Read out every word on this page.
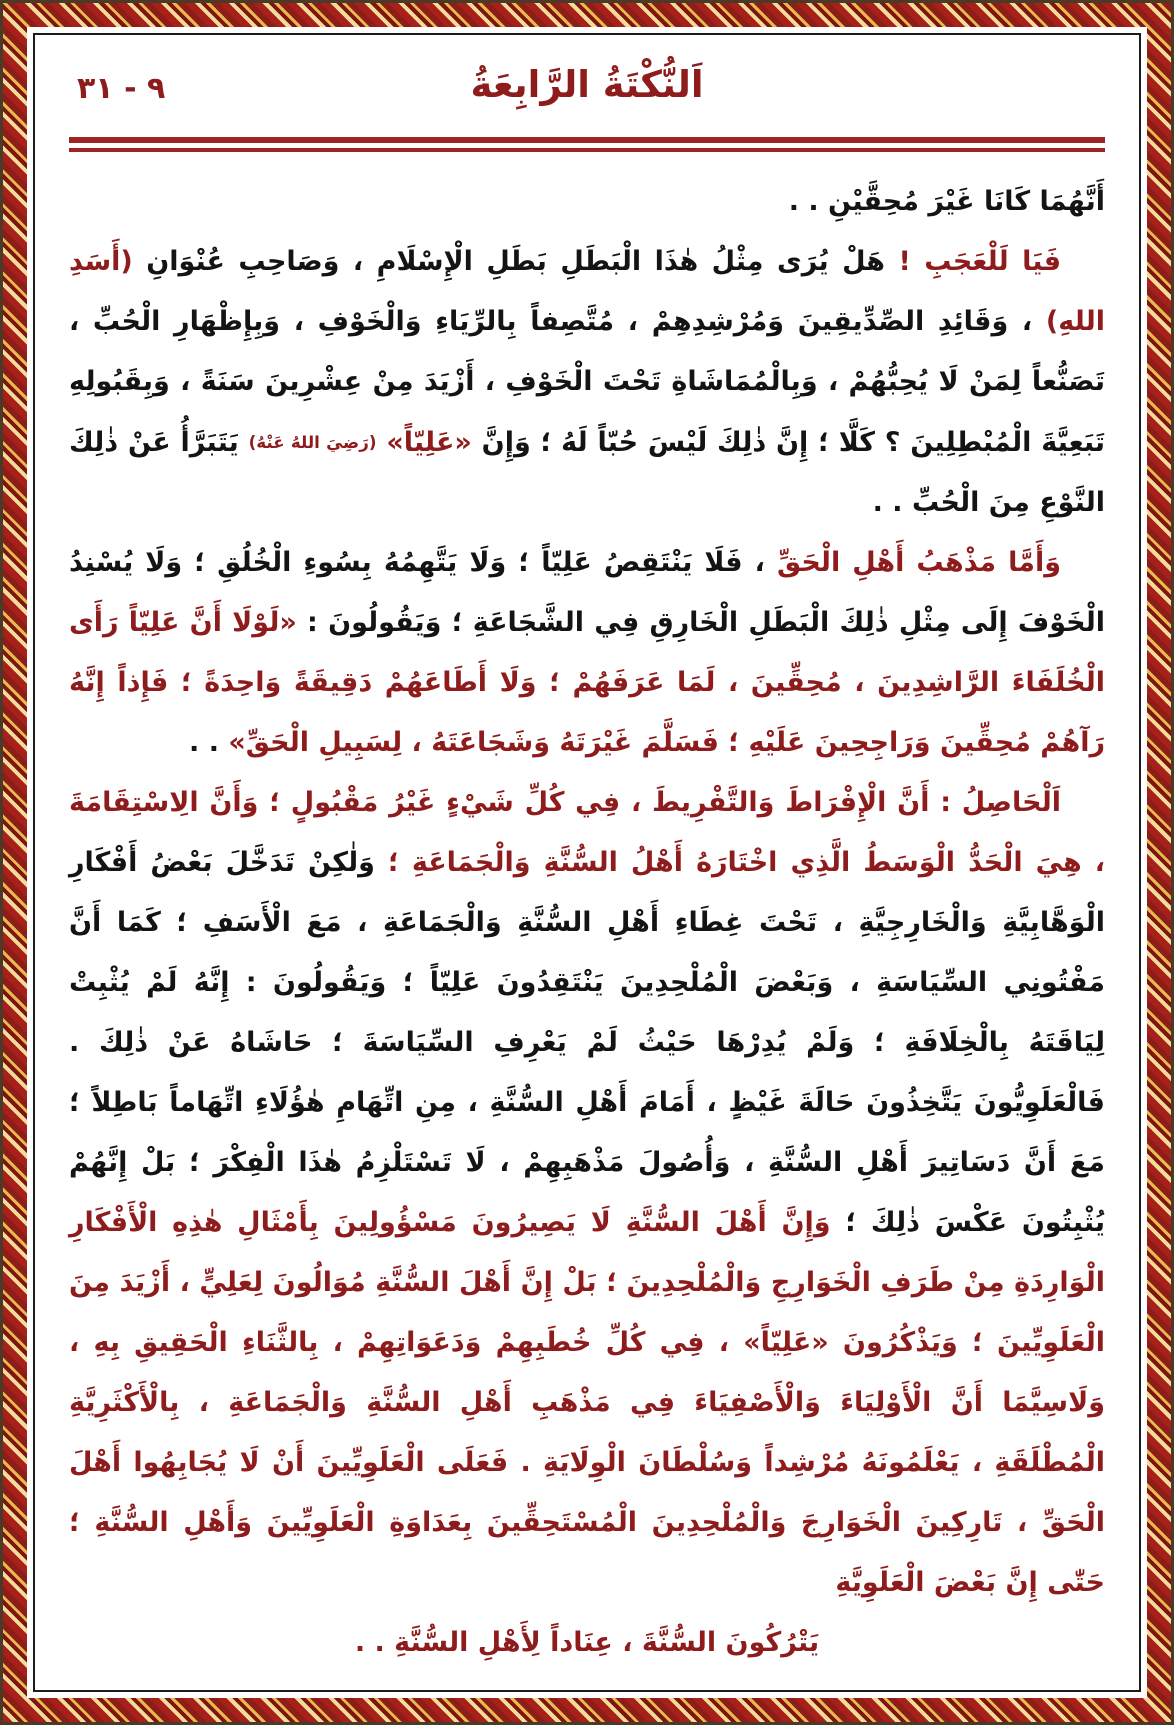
٩ - ٣١	اَلنُّكْتَةُ الرَّابِعَةُ
أَنَّهُمَا كَانَا غَيْرَ مُحِقَّيْنِ . .
فَيَا لَلْعَجَبِ ! هَلْ يُرَى مِثْلُ هٰذَا الْبَطَلِ بَطَلِ الْإِسْلَامِ ، وَصَاحِبِ عُنْوَانِ (أَسَدِ اللهِ) ، وَقَائِدِ الصِّدِّيقِينَ وَمُرْشِدِهِمْ ، مُتَّصِفاً بِالرِّيَاءِ وَالْخَوْفِ ، وَبِإِظْهَارِ الْحُبِّ ، تَصَنُّعاً لِمَنْ لَا يُحِبُّهُمْ ، وَبِالْمُمَاشَاةِ تَحْتَ الْخَوْفِ ، أَزْيَدَ مِنْ عِشْرِينَ سَنَةً ، وَبِقَبُولِهِ تَبَعِيَّةَ الْمُبْطِلِينَ ؟ كَلَّا ؛ إِنَّ ذٰلِكَ لَيْسَ حُبّاً لَهُ ؛ وَإِنَّ «عَلِيّاً» (رَضِيَ اللهُ عَنْهُ) يَتَبَرَّأُ عَنْ ذٰلِكَ النَّوْعِ مِنَ الْحُبِّ . .
وَأَمَّا مَذْهَبُ أَهْلِ الْحَقِّ ، فَلَا يَنْتَقِصُ عَلِيّاً ؛ وَلَا يَتَّهِمُهُ بِسُوءِ الْخُلُقِ ؛ وَلَا يُسْنِدُ الْخَوْفَ إِلَى مِثْلِ ذٰلِكَ الْبَطَلِ الْخَارِقِ فِي الشَّجَاعَةِ ؛ وَيَقُولُونَ : «لَوْلَا أَنَّ عَلِيّاً رَأَى الْخُلَفَاءَ الرَّاشِدِينَ ، مُحِقِّينَ ، لَمَا عَرَفَهُمْ ؛ وَلَا أَطَاعَهُمْ دَقِيقَةً وَاحِدَةً ؛ فَإِذاً إِنَّهُ رَآهُمْ مُحِقِّينَ وَرَاجِحِينَ عَلَيْهِ ؛ فَسَلَّمَ غَيْرَتَهُ وَشَجَاعَتَهُ ، لِسَبِيلِ الْحَقِّ» . .
اَلْحَاصِلُ : أَنَّ الْإِفْرَاطَ وَالتَّفْرِيطَ ، فِي كُلِّ شَيْءٍ غَيْرُ مَقْبُولٍ ؛ وَأَنَّ الِاسْتِقَامَةَ ، هِيَ الْحَدُّ الْوَسَطُ الَّذِي اخْتَارَهُ أَهْلُ السُّنَّةِ وَالْجَمَاعَةِ ؛ وَلٰكِنْ تَدَخَّلَ بَعْضُ أَفْكَارِ الْوَهَّابِيَّةِ وَالْخَارِجِيَّةِ ، تَحْتَ غِطَاءِ أَهْلِ السُّنَّةِ وَالْجَمَاعَةِ ، مَعَ الْأَسَفِ ؛ كَمَا أَنَّ مَفْتُونِي السِّيَاسَةِ ، وَبَعْضَ الْمُلْحِدِينَ يَنْتَقِدُونَ عَلِيّاً ؛ وَيَقُولُونَ : إِنَّهُ لَمْ يُثْبِتْ لِيَاقَتَهُ بِالْخِلَافَةِ ؛ وَلَمْ يُدِرْهَا حَيْثُ لَمْ يَعْرِفِ السِّيَاسَةَ ؛ حَاشَاهُ عَنْ ذٰلِكَ . فَالْعَلَوِيُّونَ يَتَّخِذُونَ حَالَةَ غَيْظٍ ، أَمَامَ أَهْلِ السُّنَّةِ ، مِنِ اتِّهَامِ هٰؤُلَاءِ اتِّهَاماً بَاطِلاً ؛ مَعَ أَنَّ دَسَاتِيرَ أَهْلِ السُّنَّةِ ، وَأُصُولَ مَذْهَبِهِمْ ، لَا تَسْتَلْزِمُ هٰذَا الْفِكْرَ ؛ بَلْ إِنَّهُمْ يُثْبِتُونَ عَكْسَ ذٰلِكَ ؛ وَإِنَّ أَهْلَ السُّنَّةِ لَا يَصِيرُونَ مَسْؤُولِينَ بِأَمْثَالِ هٰذِهِ الْأَفْكَارِ الْوَارِدَةِ مِنْ طَرَفِ الْخَوَارِجِ وَالْمُلْحِدِينَ ؛ بَلْ إِنَّ أَهْلَ السُّنَّةِ مُوَالُونَ لِعَلِيٍّ ، أَزْيَدَ مِنَ الْعَلَوِيِّينَ ؛ وَيَذْكُرُونَ «عَلِيّاً» ، فِي كُلِّ خُطَبِهِمْ وَدَعَوَاتِهِمْ ، بِالثَّنَاءِ الْحَقِيقِ بِهِ ، وَلَاسِيَّمَا أَنَّ الْأَوْلِيَاءَ وَالْأَصْفِيَاءَ فِي مَذْهَبِ أَهْلِ السُّنَّةِ وَالْجَمَاعَةِ ، بِالْأَكْثَرِيَّةِ الْمُطْلَقَةِ ، يَعْلَمُونَهُ مُرْشِداً وَسُلْطَانَ الْوِلَايَةِ . فَعَلَى الْعَلَوِيِّينَ أَنْ لَا يُجَابِهُوا أَهْلَ الْحَقِّ ، تَارِكِينَ الْخَوَارِجَ وَالْمُلْحِدِينَ الْمُسْتَحِقِّينَ بِعَدَاوَةِ الْعَلَوِيِّينَ وَأَهْلِ السُّنَّةِ ؛ حَتّٰى إِنَّ بَعْضَ الْعَلَوِيَّةِ
يَتْرُكُونَ السُّنَّةَ ، عِنَاداً لِأَهْلِ السُّنَّةِ . .
